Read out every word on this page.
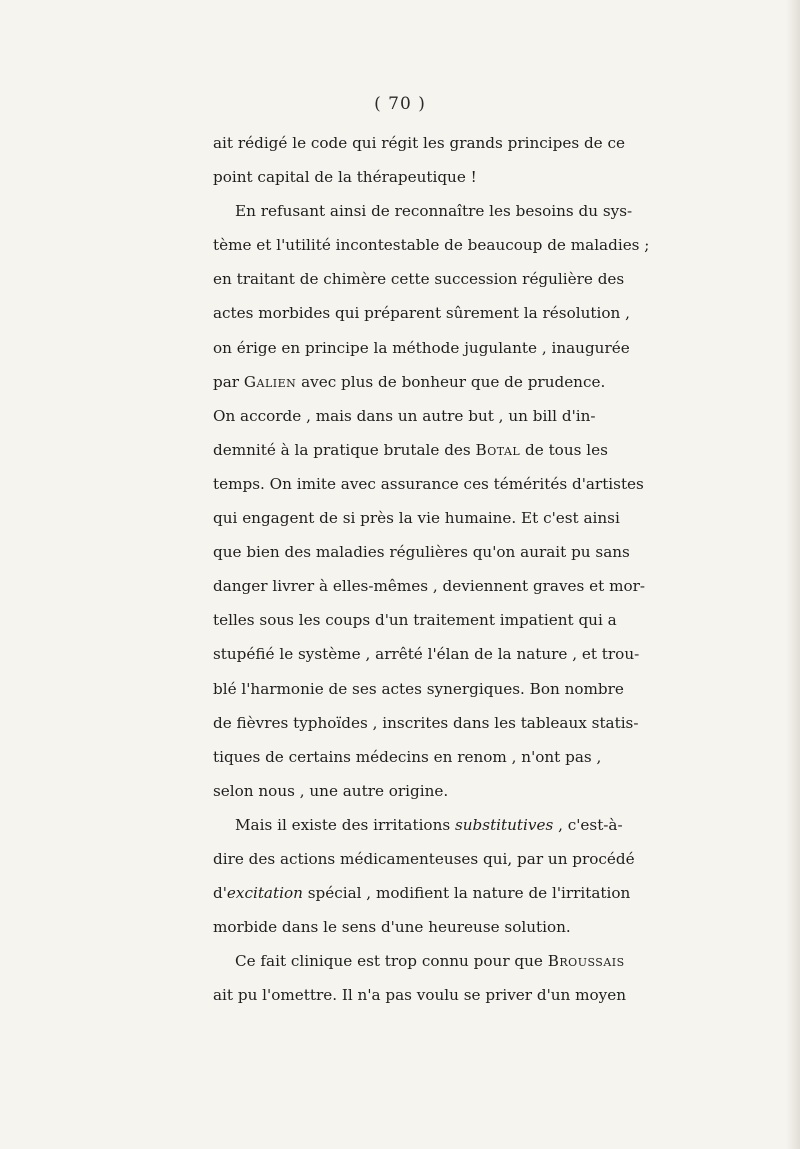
( 70 )
ait rédigé le code qui régit les grands principes de ce
point capital de la thérapeutique !
En refusant ainsi de reconnaître les besoins du sys-
tème et l'utilité incontestable de beaucoup de maladies ;
en traitant de chimère cette succession régulière des
actes morbides qui préparent sûrement la résolution ,
on érige en principe la méthode jugulante , inaugurée
par Galien avec plus de bonheur que de prudence.
On accorde , mais dans un autre but , un bill d'in-
demnité à la pratique brutale des Botal de tous les
temps. On imite avec assurance ces témérités d'artistes
qui engagent de si près la vie humaine. Et c'est ainsi
que bien des maladies régulières qu'on aurait pu sans
danger livrer à elles-mêmes , deviennent graves et mor-
telles sous les coups d'un traitement impatient qui a
stupéfié le système , arrêté l'élan de la nature , et trou-
blé l'harmonie de ses actes synergiques. Bon nombre
de fièvres typhoïdes , inscrites dans les tableaux statis-
tiques de certains médecins en renom , n'ont pas ,
selon nous , une autre origine.
Mais il existe des irritations substitutives , c'est-à-
dire des actions médicamenteuses qui, par un procédé
d'excitation spécial , modifient la nature de l'irritation
morbide dans le sens d'une heureuse solution.
Ce fait clinique est trop connu pour que Broussais
ait pu l'omettre. Il n'a pas voulu se priver d'un moyen
